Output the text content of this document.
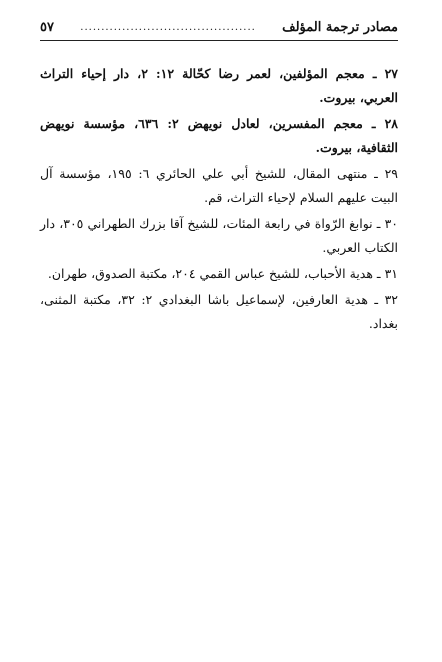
مصادر ترجمة المؤلف
..........................................
٥٧

٢٧ ـ معجم المؤلفين، لعمر رضا كحّالة ١٢: ٢، دار إحياء التراث العربي، بيروت.

٢٨ ـ معجم المفسرين، لعادل نويهض ٢: ٦٣٦، مؤسسة نويهض الثقافية، بيروت.

٢٩ ـ منتهى المقال، للشيخ أبي علي الحائري ٦: ١٩٥، مؤسسة آل البيت عليهم السلام لإحياء التراث، قم.

٣٠ ـ نوابغ الرّواة في رابعة المئات، للشيخ آقا بزرك الطهراني ٣٠٥، دار الكتاب العربي.

٣١ ـ هدية الأحباب، للشيخ عباس القمي ٢٠٤، مكتبة الصدوق، طهران.

٣٢ ـ هدية العارفين، لإسماعيل باشا البغدادي ٢: ٣٢، مكتبة المثنى، بغداد.
